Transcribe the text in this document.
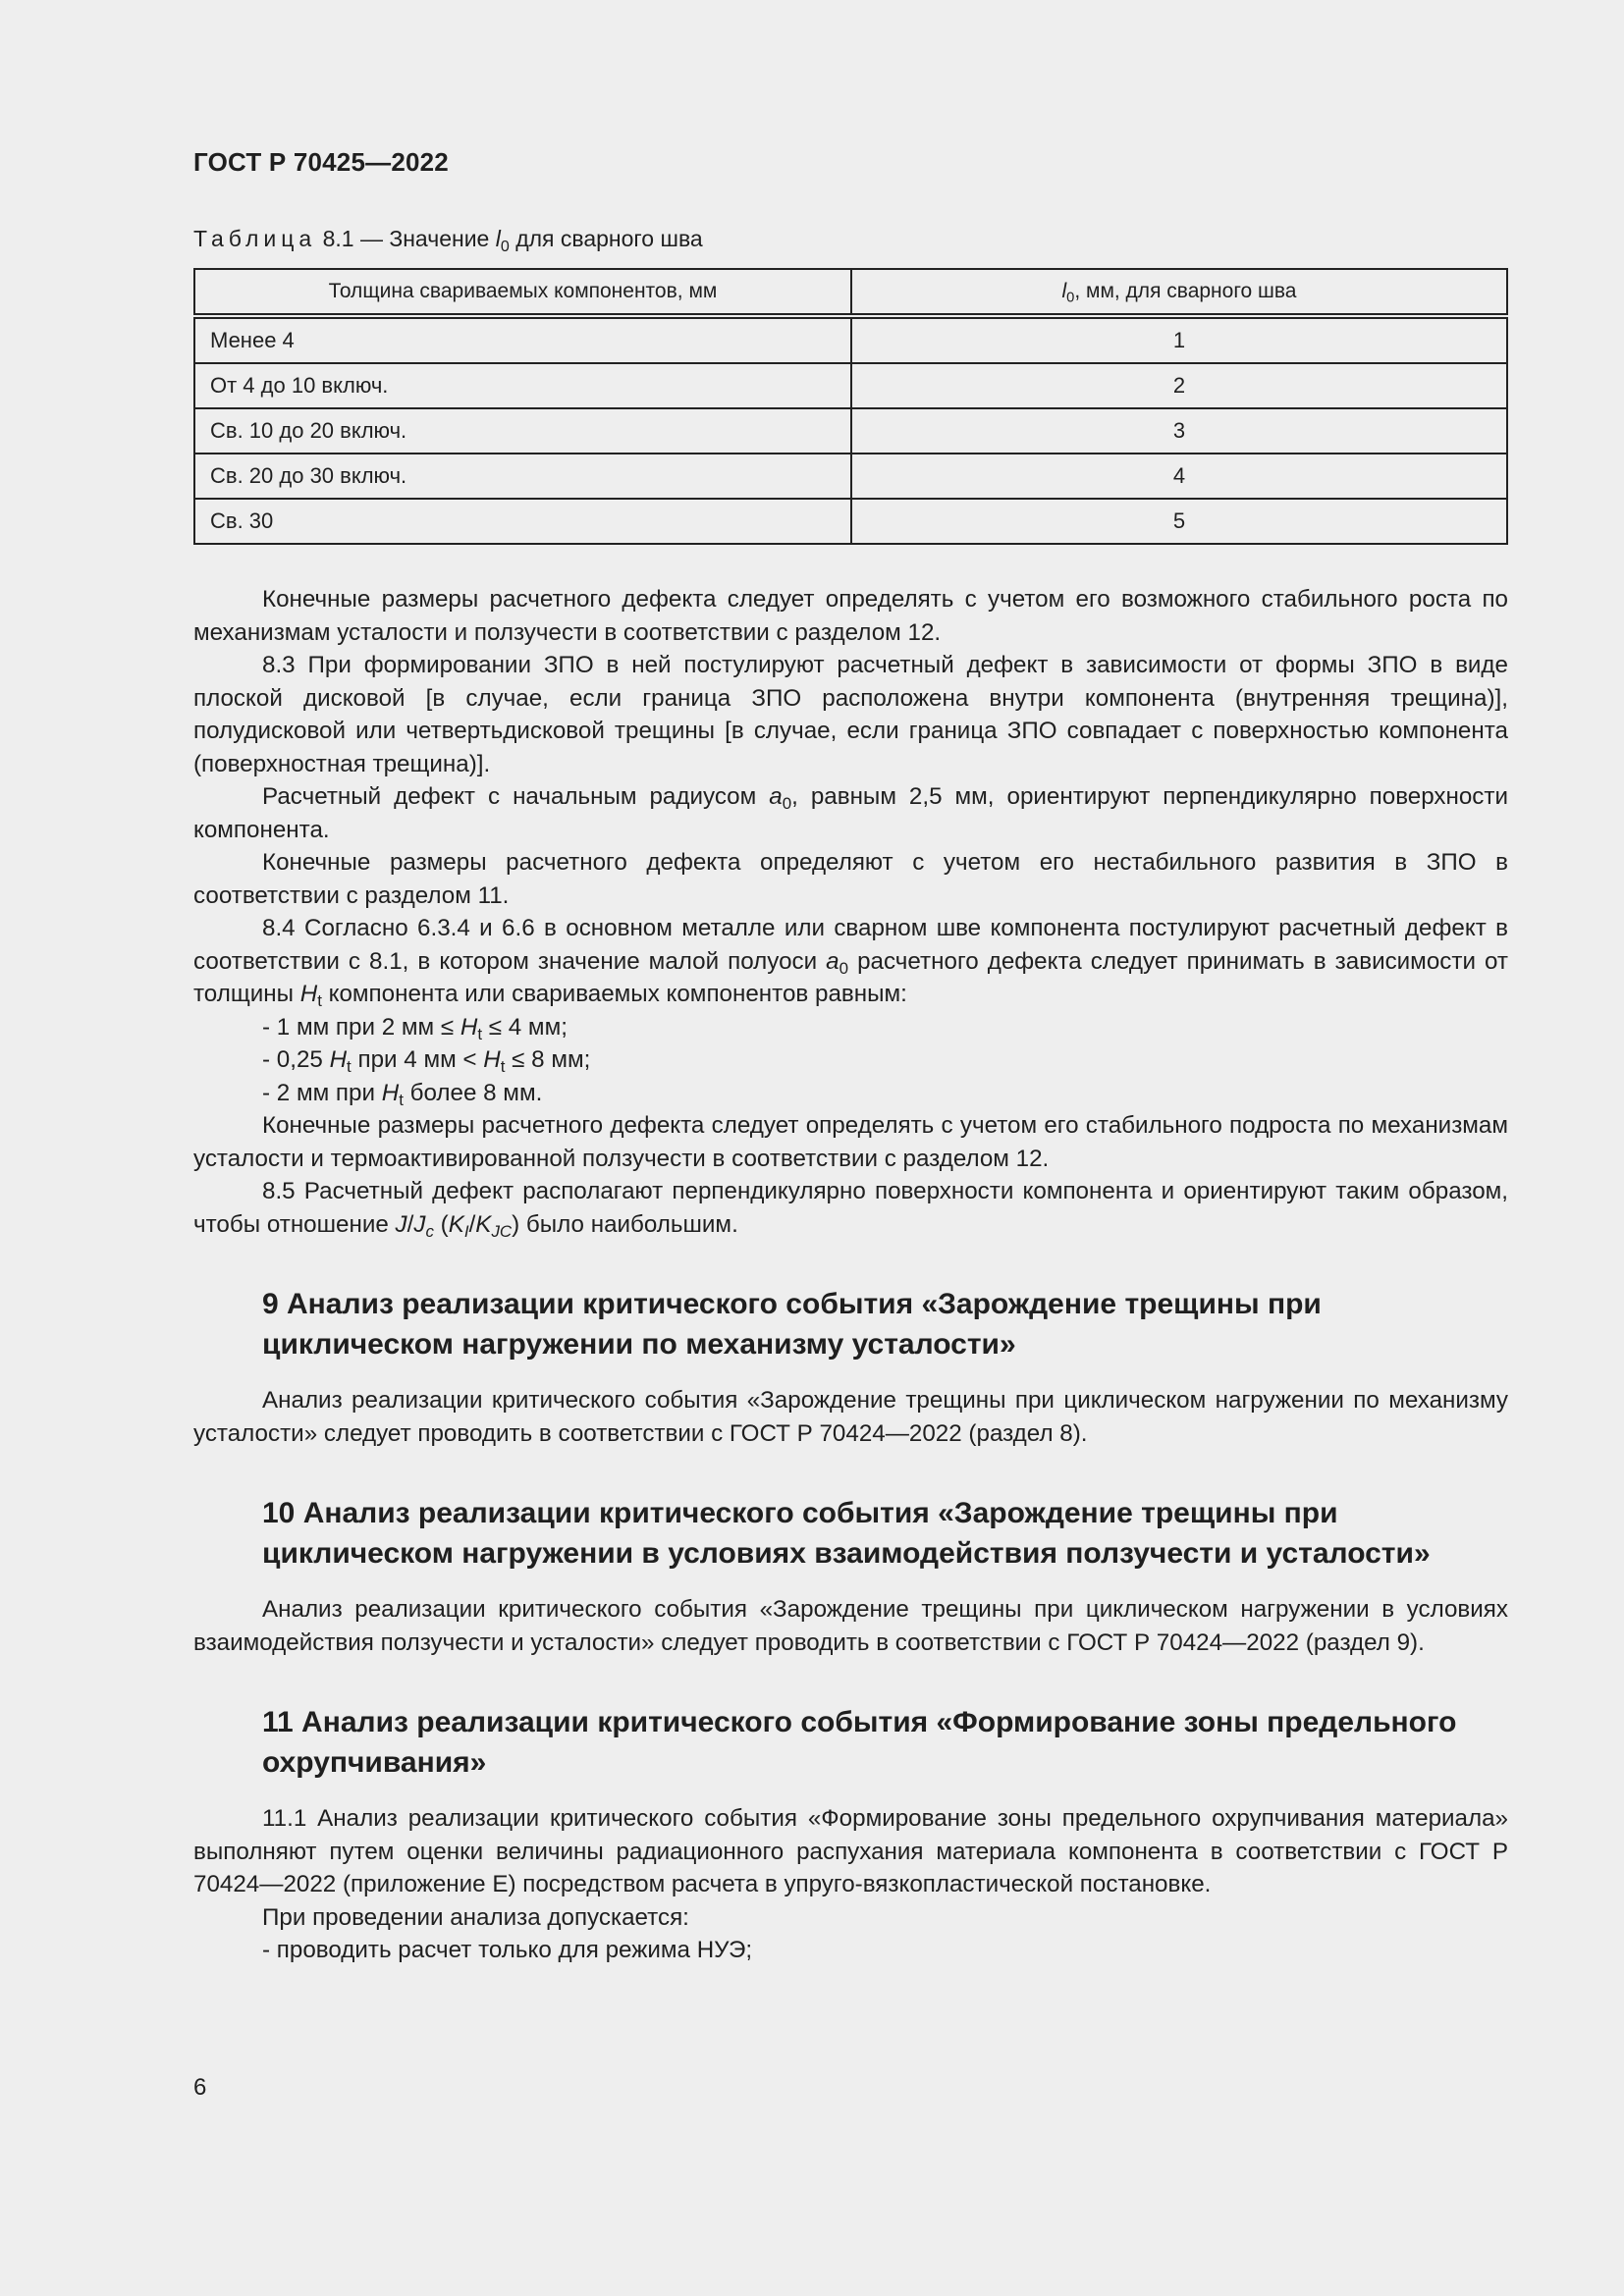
ГОСТ Р 70425—2022
Таблица 8.1 — Значение $l_0$ для сварного шва
Толщина свариваемых компонентов, мм	$l_0$, мм, для сварного шва
Менее 4	1
От 4 до 10 включ.	2
Св. 10 до 20 включ.	3
Св. 20 до 30 включ.	4
Св. 30	5

Конечные размеры расчетного дефекта следует определять с учетом его возможного стабильного роста по механизмам усталости и ползучести в соответствии с разделом 12.

8.3 При формировании ЗПО в ней постулируют расчетный дефект в зависимости от формы ЗПО в виде плоской дисковой [в случае, если граница ЗПО расположена внутри компонента (внутренняя трещина)], полудисковой или четвертьдисковой трещины [в случае, если граница ЗПО совпадает с поверхностью компонента (поверхностная трещина)].

Расчетный дефект с начальным радиусом $a_0$, равным 2,5 мм, ориентируют перпендикулярно поверхности компонента.

Конечные размеры расчетного дефекта определяют с учетом его нестабильного развития в ЗПО в соответствии с разделом 11.

8.4 Согласно 6.3.4 и 6.6 в основном металле или сварном шве компонента постулируют расчетный дефект в соответствии с 8.1, в котором значение малой полуоси $a_0$ расчетного дефекта следует принимать в зависимости от толщины $H_t$ компонента или свариваемых компонентов равным:

- 1 мм при 2 мм ≤ $H_t \le 4$ мм;

- 0,25 $H_t$ при 4 мм < $H_t \le 8$ мм;

- 2 мм при $H_t$ более 8 мм.

Конечные размеры расчетного дефекта следует определять с учетом его стабильного подроста по механизмам усталости и термоактивированной ползучести в соответствии с разделом 12.

8.5 Расчетный дефект располагают перпендикулярно поверхности компонента и ориентируют таким образом, чтобы отношение $J/J_c$ $(K_I/K_{JC})$ было наибольшим.

9 Анализ реализации критического события «Зарождение трещины при циклическом нагружении по механизму усталости»

Анализ реализации критического события «Зарождение трещины при циклическом нагружении по механизму усталости» следует проводить в соответствии с ГОСТ Р 70424—2022 (раздел 8).

10 Анализ реализации критического события «Зарождение трещины при циклическом нагружении в условиях взаимодействия ползучести и усталости»

Анализ реализации критического события «Зарождение трещины при циклическом нагружении в условиях взаимодействия ползучести и усталости» следует проводить в соответствии с ГОСТ Р 70424—2022 (раздел 9).

11 Анализ реализации критического события «Формирование зоны предельного охрупчивания»

11.1 Анализ реализации критического события «Формирование зоны предельного охрупчивания материала» выполняют путем оценки величины радиационного распухания материала компонента в соответствии с ГОСТ Р 70424—2022 (приложение Е) посредством расчета в упруго-вязкопластической постановке.

При проведении анализа допускается:

- проводить расчет только для режима НУЭ;

6
